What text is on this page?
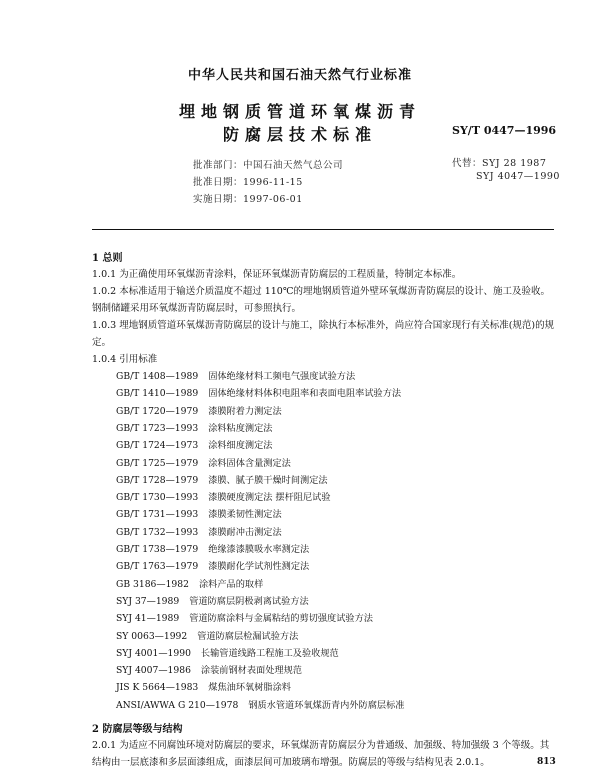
中华人民共和国石油天然气行业标准
埋地钢质管道环氧煤沥青
防腐层技术标准	SY/T 0447—1996
批准部门：中国石油天然气总公司
批准日期：1996-11-15
实施日期：1997-06-01
代替：SYJ 28 1987
SYJ 4047—1990
1 总则
1.0.1 为正确使用环氧煤沥青涂料，保证环氧煤沥青防腐层的工程质量，特制定本标准。
1.0.2 本标准适用于输送介质温度不超过 110℃的埋地钢质管道外壁环氧煤沥青防腐层的设计、施工及验收。钢制储罐采用环氧煤沥青防腐层时，可参照执行。
1.0.3 埋地钢质管道环氧煤沥青防腐层的设计与施工，除执行本标准外，尚应符合国家现行有关标准(规范)的规定。
1.0.4 引用标准
GB/T 1408—1989 固体绝缘材料工频电气强度试验方法
GB/T 1410—1989 固体绝缘材料体积电阻率和表面电阻率试验方法
GB/T 1720—1979 漆膜附着力测定法
GB/T 1723—1993 涂料粘度测定法
GB/T 1724—1973 涂料细度测定法
GB/T 1725—1979 涂料固体含量测定法
GB/T 1728—1979 漆膜、腻子膜干燥时间测定法
GB/T 1730—1993 漆膜硬度测定法 摆杆阻尼试验
GB/T 1731—1993 漆膜柔韧性测定法
GB/T 1732—1993 漆膜耐冲击测定法
GB/T 1738—1979 绝缘漆漆膜吸水率测定法
GB/T 1763—1979 漆膜耐化学试剂性测定法
GB 3186—1982 涂料产品的取样
SYJ 37—1989 管道防腐层阴极剥离试验方法
SYJ 41—1989 管道防腐涂料与金属粘结的剪切强度试验方法
SY 0063—1992 管道防腐层检漏试验方法
SYJ 4001—1990 长输管道线路工程施工及验收规范
SYJ 4007—1986 涂装前钢材表面处理规范
JIS K 5664—1983 煤焦油环氧树脂涂料
ANSI/AWWA G 210—1978 钢质水管道环氧煤沥青内外防腐层标准
2 防腐层等级与结构
2.0.1 为适应不同腐蚀环境对防腐层的要求，环氧煤沥青防腐层分为普通级、加强级、特加强级 3 个等级。其结构由一层底漆和多层面漆组成，面漆层间可加玻璃布增强。防腐层的等级与结构见表 2.0.1。	813
